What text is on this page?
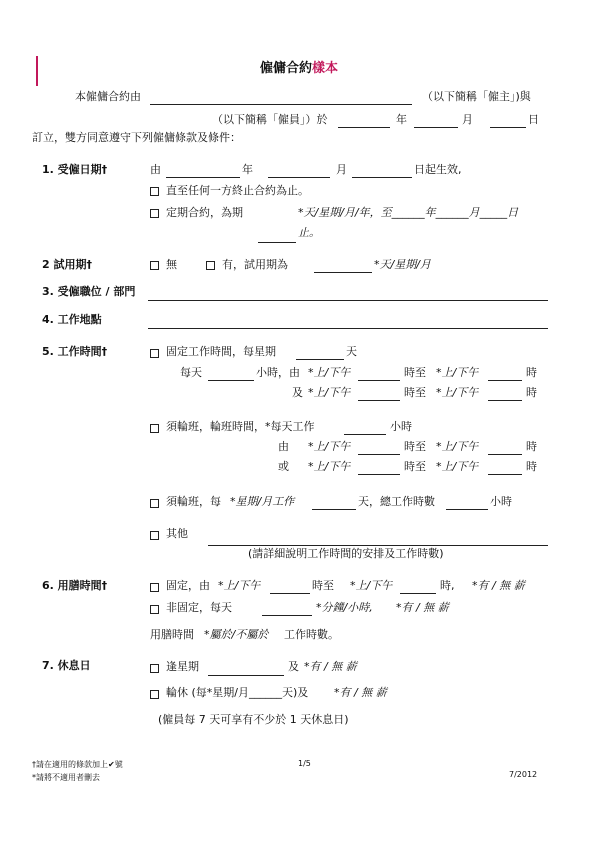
僱傭合約樣本
本僱傭合約由	（以下簡稱「僱主」)與
（以下簡稱「僱員」）於	年	月	日
訂立，雙方同意遵守下列僱傭條款及條件：
1. 受僱日期†	由	年	月	日起生效,
直至任何一方終止合約為止。
定期合約，為期	*天/星期/月/年，至______年______月_____日
止。
2 試用期†	無	有，試用期為	*天/星期/月
3. 受僱職位 / 部門
4. 工作地點
5. 工作時間†	固定工作時間，每星期	天
每天	小時，由 *上/下午	時至 *上/下午	時
及 *上/下午	時至 *上/下午	時
須輪班，輪班時間，*每天工作	小時
由 *上/下午	時至 *上/下午	時
或 *上/下午	時至 *上/下午	時
須輪班，每 *星期/月工作	天，總工作時數	小時
其他
(請詳細說明工作時間的安排及工作時數)
6. 用膳時間†	固定，由 *上/下午	時至 *上/下午	時, *有 / 無 薪
非固定，每天	*分鐘/小時, *有 / 無 薪
用膳時間 *屬於/不屬於 工作時數。
7. 休息日	逢星期	及 *有 / 無 薪
輪休 (每*星期/月______天)及 *有 / 無 薪
(僱員每 7 天可享有不少於 1 天休息日)
†請在適用的條款加上✔號
*請將不適用者刪去
1/5
7/2012
